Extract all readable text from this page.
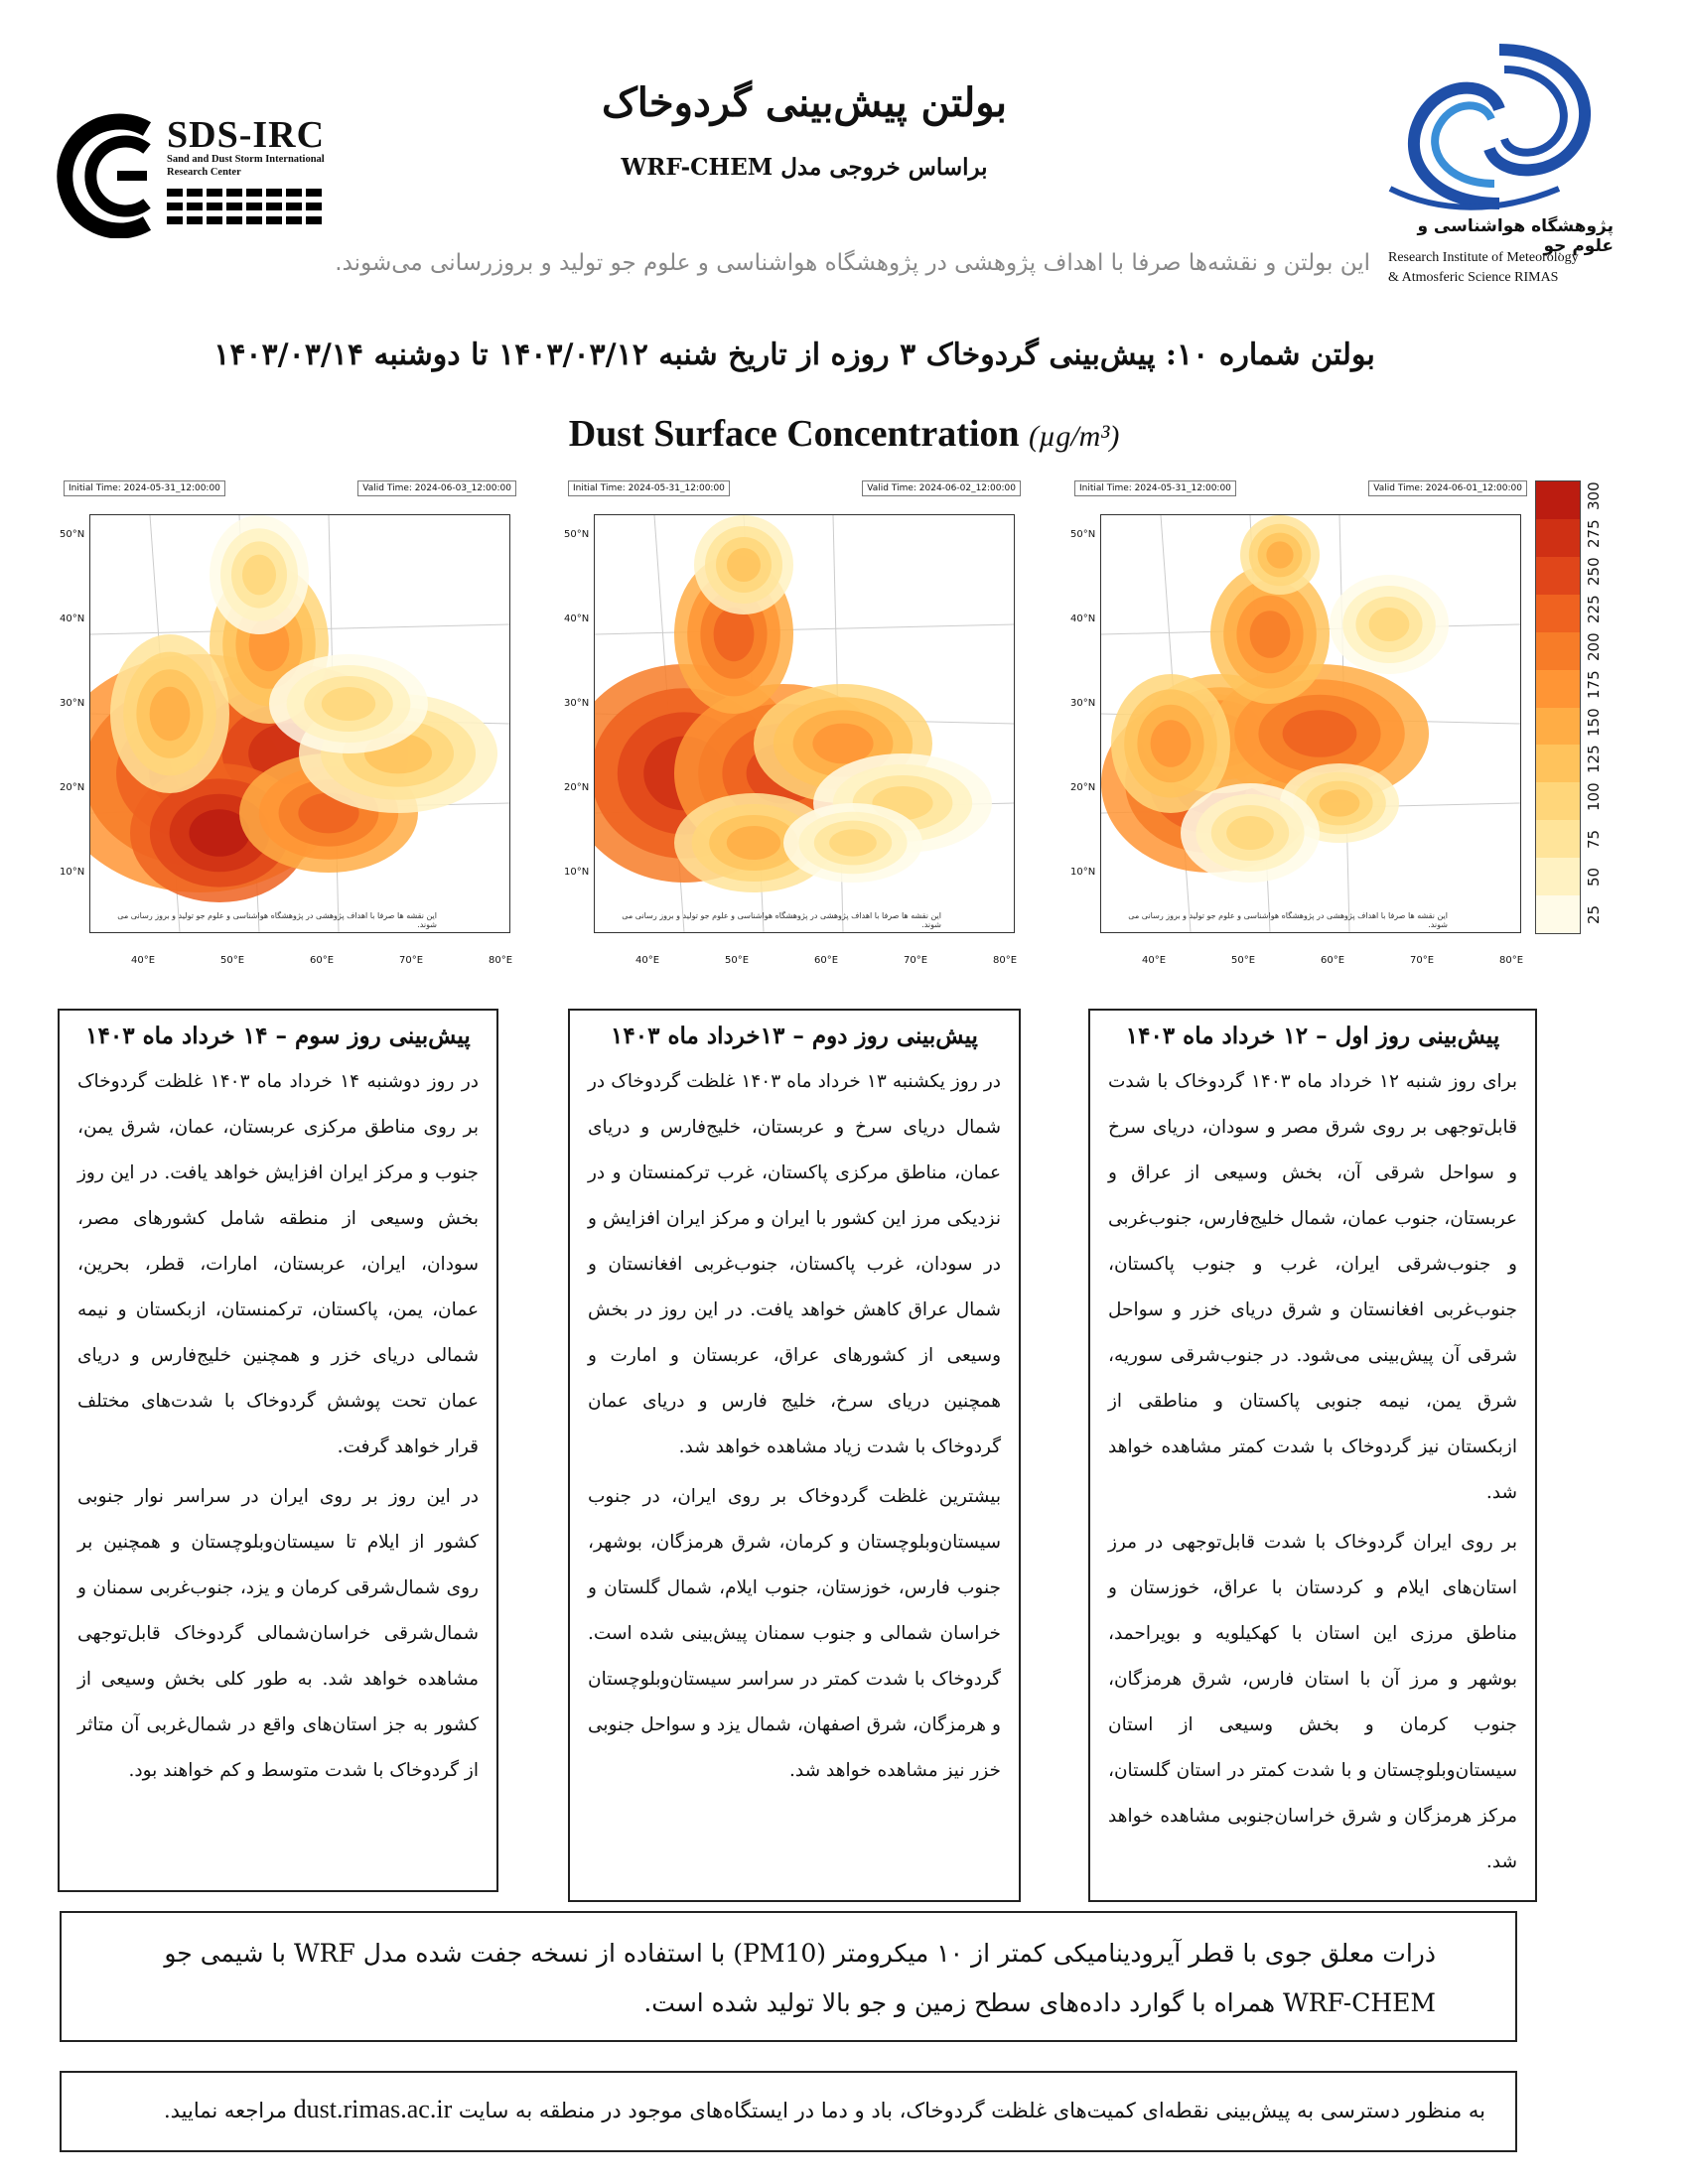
SDS-IRC
Sand and Dust Storm International Research Center
بولتن پیش‌بینی گردوخاک
براساس خروجی مدل WRF-CHEM
پژوهشگاه هواشناسی و علوم جو
Research Institute of Meteorology
& Atmosferic Science RIMAS
این بولتن و نقشه‌ها صرفا با اهداف پژوهشی در پژوهشگاه هواشناسی و علوم جو تولید و بروزرسانی می‌شوند.
بولتن شماره ۱۰: پیش‌بینی گردوخاک ۳ روزه از تاریخ شنبه ۱۴۰۳/۰۳/۱۲ تا دوشنبه ۱۴۰۳/۰۳/۱۴
Dust Surface Concentration (µg/m³)
Initial Time: 2024-05-31_12:00:00	Valid Time: 2024-06-03_12:00:00
50°N
40°N
30°N
20°N
10°N
40°E	50°E	60°E	70°E	80°E
این نقشه ها صرفا با اهداف پژوهشی در پژوهشگاه هواشناسی و علوم جو تولید و بروز رسانی می شوند.
Initial Time: 2024-05-31_12:00:00	Valid Time: 2024-06-02_12:00:00
50°N
40°N
30°N
20°N
10°N
40°E	50°E	60°E	70°E	80°E
این نقشه ها صرفا با اهداف پژوهشی در پژوهشگاه هواشناسی و علوم جو تولید و بروز رسانی می شوند.
Initial Time: 2024-05-31_12:00:00	Valid Time: 2024-06-01_12:00:00
50°N
40°N
30°N
20°N
10°N
40°E	50°E	60°E	70°E	80°E
این نقشه ها صرفا با اهداف پژوهشی در پژوهشگاه هواشناسی و علوم جو تولید و بروز رسانی می شوند.
25
50
75
100
125
150
175
200
225
250
275
300
پیش‌بینی روز سوم – ۱۴ خرداد ماه ۱۴۰۳

در روز دوشنبه ۱۴ خرداد ماه ۱۴۰۳ غلظت گردوخاک بر روی مناطق مرکزی عربستان، عمان، شرق یمن، جنوب و مرکز ایران افزایش خواهد یافت. در این روز بخش وسیعی از منطقه شامل کشورهای مصر، سودان، ایران، عربستان، امارات، قطر، بحرین، عمان، یمن، پاکستان، ترکمنستان، ازبکستان و نیمه شمالی دریای خزر و همچنین خلیج‌فارس و دریای عمان تحت پوشش گردوخاک با شدت‌های مختلف قرار خواهد گرفت.

در این روز بر روی ایران در سراسر نوار جنوبی کشور از ایلام تا سیستان‌وبلوچستان و همچنین بر روی شمال‌شرقی کرمان و یزد، جنوب‌غربی سمنان و شمال‌شرقی خراسان‌شمالی گردوخاک قابل‌توجهی مشاهده خواهد شد. به طور کلی بخش وسیعی از کشور به جز استان‌های واقع در شمال‌غربی آن متاثر از گردوخاک با شدت متوسط و کم خواهند بود.

پیش‌بینی روز دوم – ۱۳خرداد ماه ۱۴۰۳

در روز یکشنبه ۱۳ خرداد ماه ۱۴۰۳ غلظت گردوخاک در شمال دریای سرخ و عربستان، خلیج‌فارس و دریای عمان، مناطق مرکزی پاکستان، غرب ترکمنستان و در نزدیکی مرز این کشور با ایران و مرکز ایران افزایش و در سودان، غرب پاکستان، جنوب‌غربی افغانستان و شمال عراق کاهش خواهد یافت. در این روز در بخش وسیعی از کشورهای عراق، عربستان و امارت و همچنین دریای سرخ، خلیج فارس و دریای عمان گردوخاک با شدت زیاد مشاهده خواهد شد.

بیشترین غلظت گردوخاک بر روی ایران، در جنوب سیستان‌وبلوچستان و کرمان، شرق هرمزگان، بوشهر، جنوب فارس، خوزستان، جنوب ایلام، شمال گلستان و خراسان شمالی و جنوب سمنان پیش‌بینی شده است. گردوخاک با شدت کمتر در سراسر سیستان‌وبلوچستان و هرمزگان، شرق اصفهان، شمال یزد و سواحل جنوبی خزر نیز مشاهده خواهد شد.

پیش‌بینی روز اول – ۱۲ خرداد ماه ۱۴۰۳

برای روز شنبه ۱۲ خرداد ماه ۱۴۰۳ گردوخاک با شدت قابل‌توجهی بر روی شرق مصر و سودان، دریای سرخ و سواحل شرقی آن، بخش وسیعی از عراق و عربستان، جنوب عمان، شمال خلیج‌فارس، جنوب‌غربی و جنوب‌شرقی ایران، غرب و جنوب پاکستان، جنوب‌غربی افغانستان و شرق دریای خزر و سواحل شرقی آن پیش‌بینی می‌شود. در جنوب‌شرقی سوریه، شرق یمن، نیمه جنوبی پاکستان و مناطقی از ازبکستان نیز گردوخاک با شدت کمتر مشاهده خواهد شد.

بر روی ایران گردوخاک با شدت قابل‌توجهی در مرز استان‌های ایلام و کردستان با عراق، خوزستان و مناطق مرزی این استان با کهکیلویه و بویراحمد، بوشهر و مرز آن با استان فارس، شرق هرمزگان، جنوب کرمان و بخش وسیعی از استان سیستان‌وبلوچستان و با شدت کمتر در استان گلستان، مرکز هرمزگان و شرق خراسان‌جنوبی مشاهده خواهد شد.

ذرات معلق جوی با قطر آیرودینامیکی کمتر از ۱۰ میکرومتر (PM10) با استفاده از نسخه جفت شده مدل WRF با شیمی جو

WRF-CHEM همراه با گوارد داده‌های سطح زمین و جو بالا تولید شده است.

به منظور دسترسی به پیش‌بینی نقطه‌ای کمیت‌های غلظت گردوخاک، باد و دما در ایستگاه‌های موجود در منطقه به سایت dust.rimas.ac.ir مراجعه نمایید.
